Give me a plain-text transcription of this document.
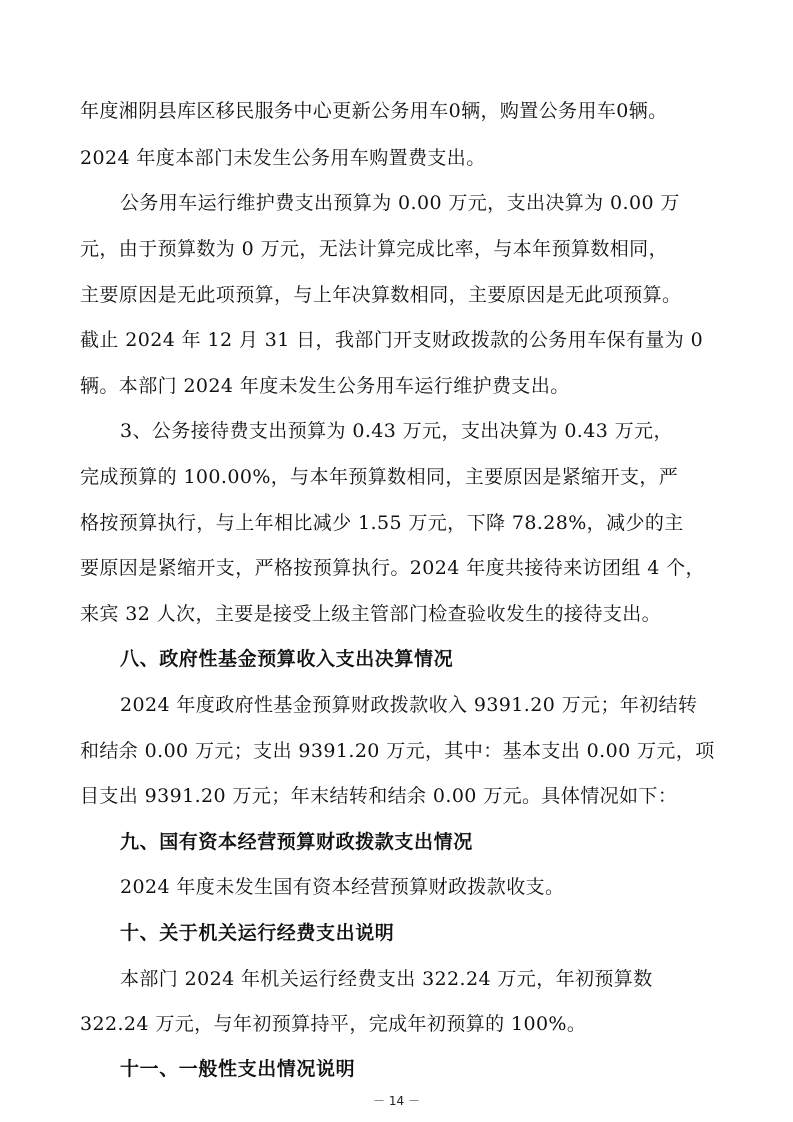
年度湘阴县库区移民服务中心更新公务用车0辆，购置公务用车0辆。
2024 年度本部门未发生公务用车购置费支出。
公务用车运行维护费支出预算为 0.00 万元，支出决算为 0.00 万
元，由于预算数为 0 万元，无法计算完成比率，与本年预算数相同，
主要原因是无此项预算，与上年决算数相同，主要原因是无此项预算。
截止 2024 年 12 月 31 日，我部门开支财政拨款的公务用车保有量为 0
辆。本部门 2024 年度未发生公务用车运行维护费支出。
3、公务接待费支出预算为 0.43 万元，支出决算为 0.43 万元，
完成预算的 100.00%，与本年预算数相同，主要原因是紧缩开支，严
格按预算执行，与上年相比减少 1.55 万元，下降 78.28%，减少的主
要原因是紧缩开支，严格按预算执行。2024 年度共接待来访团组 4 个，
来宾 32 人次，主要是接受上级主管部门检查验收发生的接待支出。
八、政府性基金预算收入支出决算情况
2024 年度政府性基金预算财政拨款收入 9391.20 万元；年初结转
和结余 0.00 万元；支出 9391.20 万元，其中：基本支出 0.00 万元，项
目支出 9391.20 万元；年末结转和结余 0.00 万元。具体情况如下：
九、国有资本经营预算财政拨款支出情况
2024 年度未发生国有资本经营预算财政拨款收支。
十、关于机关运行经费支出说明
本部门 2024 年机关运行经费支出 322.24 万元，年初预算数
322.24 万元，与年初预算持平，完成年初预算的 100%。
十一、一般性支出情况说明
－ 14 －
